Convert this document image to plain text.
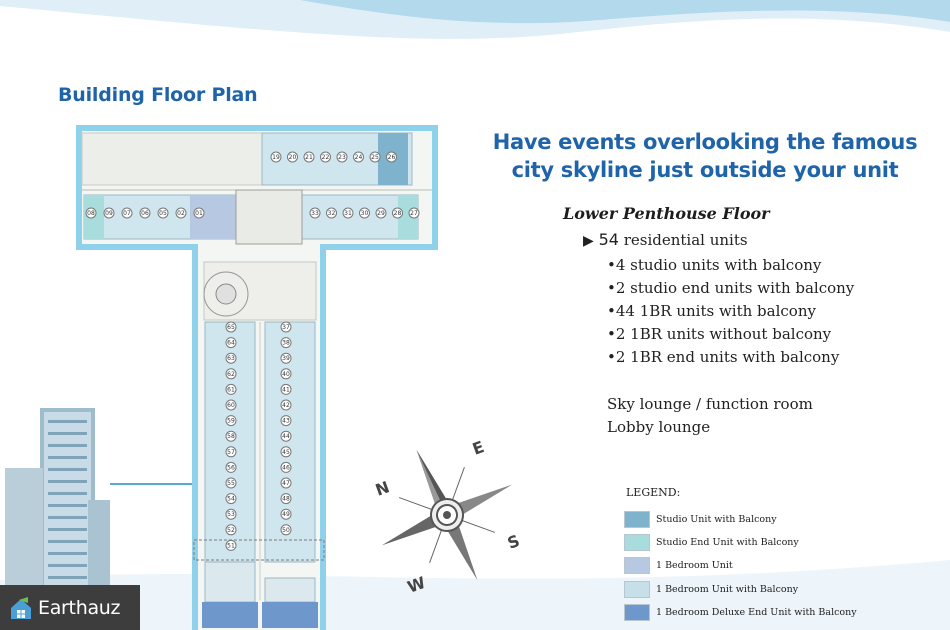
19 20 21 22 23 24 25 26
08 09 07 06 05 02 01	33 32 31 30 29 28 27
65
64
63
62
61
60
59
58
57
56
55
54
53
52
51
37
38
39
40
41
42
43
44
45
46
47
48
49
50
N
E
S
W
Building Floor Plan
Have events overlooking the famous
city skyline just outside your unit
Lower Penthouse Floor
▶ 54 residential units
• 4 studio units with balcony
• 2 studio end units with balcony
• 44 1BR units with balcony
• 2 1BR units without balcony
• 2 1BR end units with balcony
Sky lounge / function room
Lobby lounge
LEGEND:
Studio Unit with Balcony
Studio End Unit with Balcony
1 Bedroom Unit
1 Bedroom Unit with Balcony
1 Bedroom Deluxe End Unit with Balcony
Earthauz
